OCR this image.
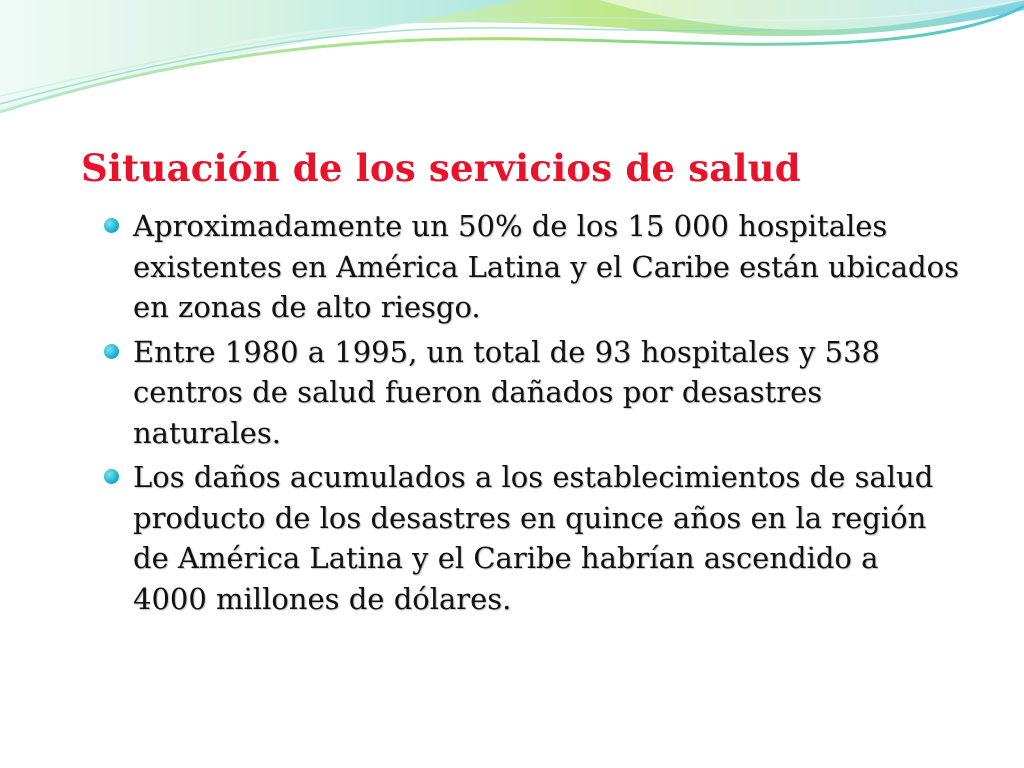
Situación de los servicios de salud
Aproximadamente un 50% de los 15 000 hospitales existentes en América Latina y el Caribe están ubicados en zonas de alto riesgo.
Entre 1980 a 1995, un total de 93 hospitales y 538 centros de salud fueron dañados por desastres naturales.
Los daños acumulados a los establecimientos de salud producto de los desastres en quince años en la región de América Latina y el Caribe habrían ascendido a 4000 millones de dólares.
